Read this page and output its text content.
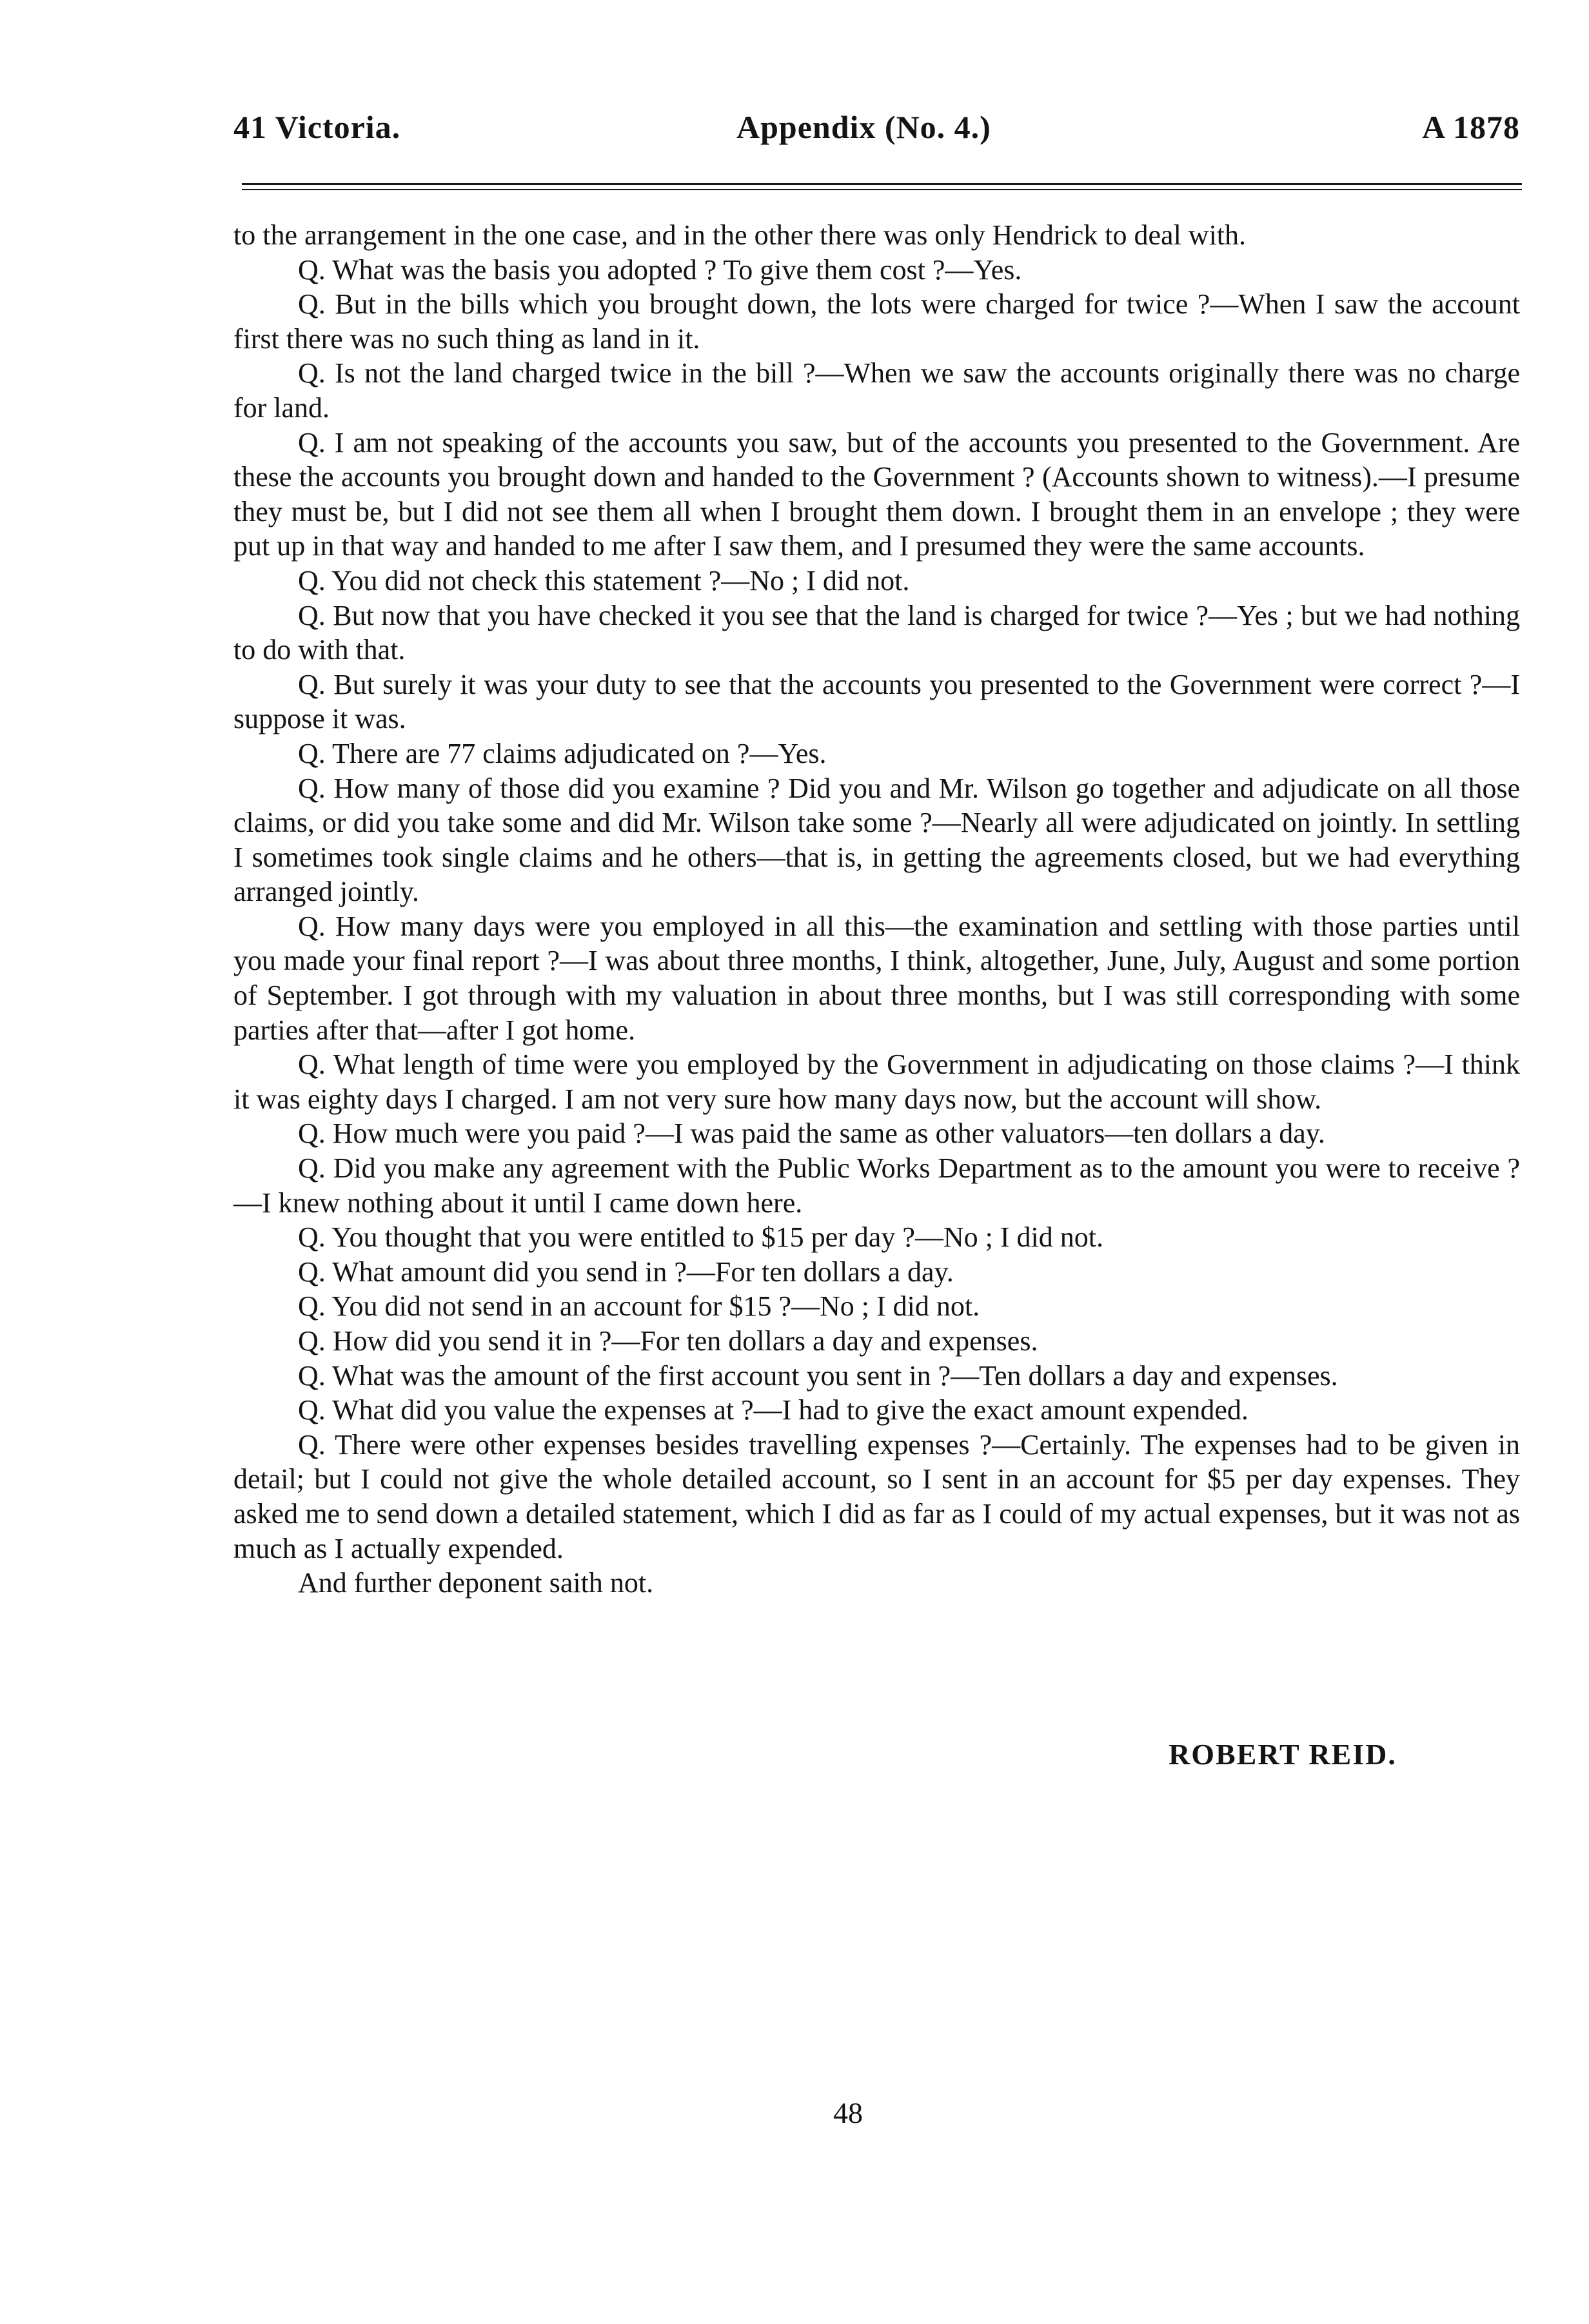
41 Victoria.	Appendix (No. 4.)	A 1878

to the arrangement in the one case, and in the other there was only Hendrick to deal with.

Q. What was the basis you adopted ? To give them cost ?—Yes.

Q. But in the bills which you brought down, the lots were charged for twice ?—When I saw the account first there was no such thing as land in it.

Q. Is not the land charged twice in the bill ?—When we saw the accounts originally there was no charge for land.

Q. I am not speaking of the accounts you saw, but of the accounts you presented to the Government. Are these the accounts you brought down and handed to the Government ? (Accounts shown to witness).—I presume they must be, but I did not see them all when I brought them down. I brought them in an envelope ; they were put up in that way and handed to me after I saw them, and I presumed they were the same accounts.

Q. You did not check this statement ?—No ; I did not.

Q. But now that you have checked it you see that the land is charged for twice ?—Yes ; but we had nothing to do with that.

Q. But surely it was your duty to see that the accounts you presented to the Government were correct ?—I suppose it was.

Q. There are 77 claims adjudicated on ?—Yes.

Q. How many of those did you examine ? Did you and Mr. Wilson go together and adjudicate on all those claims, or did you take some and did Mr. Wilson take some ?—Nearly all were adjudicated on jointly. In settling I sometimes took single claims and he others—that is, in getting the agreements closed, but we had everything arranged jointly.

Q. How many days were you employed in all this—the examination and settling with those parties until you made your final report ?—I was about three months, I think, altogether, June, July, August and some portion of September. I got through with my valuation in about three months, but I was still corresponding with some parties after that—after I got home.

Q. What length of time were you employed by the Government in adjudicating on those claims ?—I think it was eighty days I charged. I am not very sure how many days now, but the account will show.

Q. How much were you paid ?—I was paid the same as other valuators—ten dollars a day.

Q. Did you make any agreement with the Public Works Department as to the amount you were to receive ?—I knew nothing about it until I came down here.

Q. You thought that you were entitled to $15 per day ?—No ; I did not.

Q. What amount did you send in ?—For ten dollars a day.

Q. You did not send in an account for $15 ?—No ; I did not.

Q. How did you send it in ?—For ten dollars a day and expenses.

Q. What was the amount of the first account you sent in ?—Ten dollars a day and expenses.

Q. What did you value the expenses at ?—I had to give the exact amount expended.

Q. There were other expenses besides travelling expenses ?—Certainly. The expenses had to be given in detail; but I could not give the whole detailed account, so I sent in an account for $5 per day expenses. They asked me to send down a detailed statement, which I did as far as I could of my actual expenses, but it was not as much as I actually expended.

And further deponent saith not.

ROBERT REID.
48
